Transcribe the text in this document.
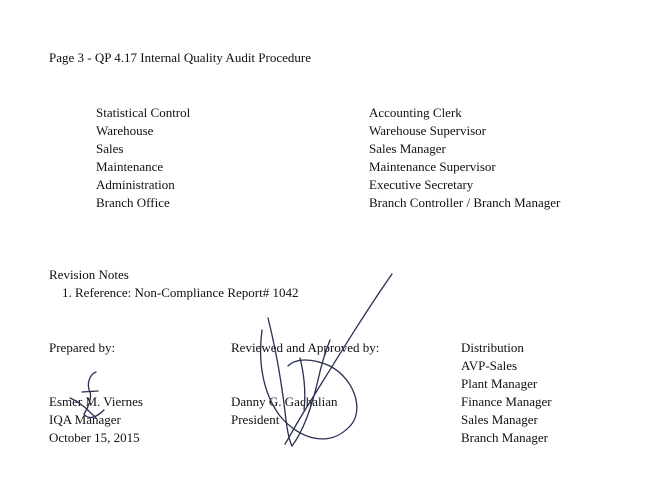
Page 3 - QP 4.17 Internal Quality Audit Procedure
Statistical Control
Warehouse
Sales
Maintenance
Administration
Branch Office
Accounting Clerk
Warehouse Supervisor
Sales Manager
Maintenance Supervisor
Executive Secretary
Branch Controller / Branch Manager
Revision Notes
1. Reference: Non-Compliance Report# 1042
Prepared by:
Esmer M. Viernes
IQA Manager
October 15, 2015
Reviewed and Approved by:
Danny G. Gachalian
President
Distribution
AVP-Sales
Plant Manager
Finance Manager
Sales Manager
Branch Manager
